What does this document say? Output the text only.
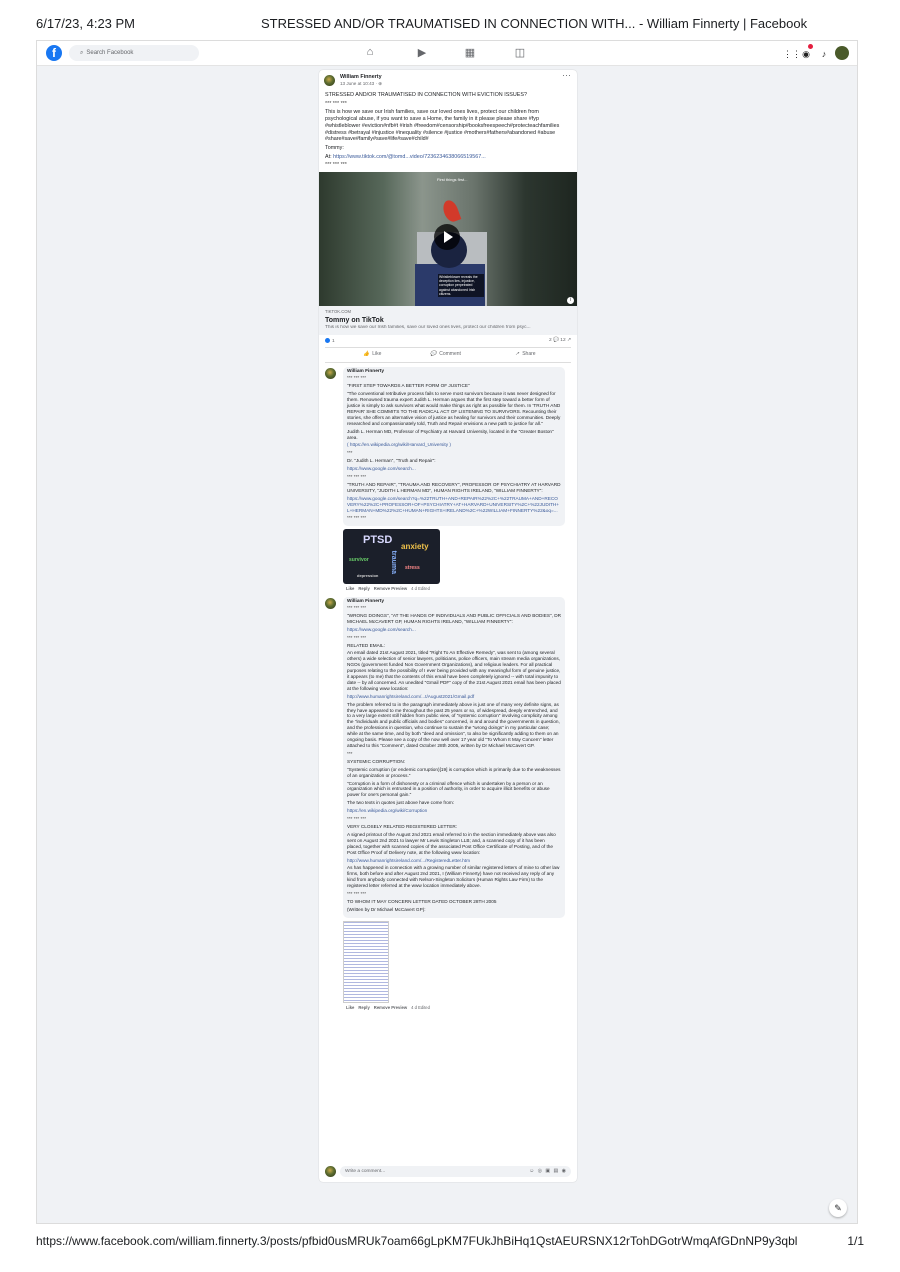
6/17/23, 4:23 PM	STRESSED AND/OR TRAUMATISED IN CONNECTION WITH... - William Finnerty | Facebook
f	⌕ Search Facebook	⌂	▶	▦	◫	⋮⋮◉ ♪
William Finnerty
13 June at 10:43 · ⊕
···

STRESSED AND/OR TRAUMATISED IN CONNECTION WITH EVICTION ISSUES?

*** *** ***

This is how we save our Irish families, save our loved ones lives, protect our children from psychological abuse, if you want to save a Home, the family in it please please share #fyp #whistleblower #eviction#nfb#t #irish #freedom#censorship#booksfreespeech#protecteachfamilies #distress #betrayal #injustice #inequality #silence #justice #mothers#fathers#abandoned #abuse #share#save#family#save#life#save#child#

Tommy:

At: https://www.tiktok.com/@tomd...video/7236234638066519567...

*** *** ***

First things first...
Whistleblower reveals the deception lies, injustice, corruption perpetrated against abandoned Irish citizens.
i
TIKTOK.COM
Tommy on TikTok
This is how we save our Irish families, save our loved ones lives, protect our children from psyc...
1	2 💬 12 ↗
👍 Like	💬 Comment	↗ Share
William Finnerty

*** *** ***

"FIRST STEP TOWARDS A BETTER FORM OF JUSTICE"

"The conventional retributive process fails to serve most survivors because it was never designed for them. Renowned trauma expert Judith L. Herman argues that the first step toward a better form of justice is simply to ask survivors what would make things as right as possible for them. In 'TRUTH AND REPAIR' SHE COMMITS TO THE RADICAL ACT OF LISTENING TO SURVIVORS. Recounting their stories, she offers an alternative vision of justice as healing for survivors and their communities. Deeply researched and compassionately told, Truth and Repair envisions a new path to justice for all."

Judith L. Herman MD, Professor of Psychiatry at Harvard University, located in the "Greater Boston" area.

( https://en.wikipedia.org/wiki/Harvard_University )

***

Dr. "Judith L. Herman", "Truth and Repair":

https://www.google.com/search...

*** *** ***

"TRUTH AND REPAIR", "TRAUMA AND RECOVERY", PROFESSOR OF PSYCHIATRY AT HARVARD UNIVERSITY, "JUDITH L HERMAN MD", HUMAN RIGHTS IRELAND, "WILLIAM FINNERTY":

https://www.google.com/search?q=%22TRUTH+AND+REPAIR%22%2C+%22TRAUMA+AND+RECOVERY%22%2C+PROFESSOR+OF+PSYCHIATRY+AT+HARVARD+UNIVERSITY%2C+%22JUDITH+L+HERMAN+MD%22%2C+HUMAN+RIGHTS+IRELAND%2C+%22WILLIAM+FINNERTY%22&oq=...

*** *** ***

PTSD
anxiety
survivor	trauma stress
depression
Like Reply Remove Preview 4 d Edited
William Finnerty

*** *** ***

"WRONG DOINGS", "AT THE HANDS OF INDIVIDUALS AND PUBLIC OFFICIALS AND BODIES", DR MICHAEL McCAVERT GP, HUMAN RIGHTS IRELAND, "WILLIAM FINNERTY":

https://www.google.com/search...

*** *** ***

RELATED EMAIL:

An email dated 21st August 2021, titled "Right To An Effective Remedy", was sent to (among several others) a wide selection of senior lawyers, politicians, police officers, main stream media organizations, NGOs (government funded Non Government Organizations), and religious leaders. For all practical purposes relating to the possibility of I ever being provided with any meaningful form of genuine justice, it appears (to me) that the contents of this email have been completely ignored -- with total impunity to date -- by all concerned. An unedited "Gmail PDF" copy of the 21st August 2021 email has been placed at the following www location:

http://www.humanrightsireland.com/...t/August2021/Gmail.pdf

The problem referred to in the paragraph immediately above is just one of many very definite signs, as they have appeared to me throughout the past 25 years or so, of widespread, deeply entrenched, and to a very large extent still hidden from public view, of "systemic corruption" involving complicity among the "individuals and public officials and bodies" concerned, in and around the governments in question, and the professions in question, who continue to sustain the "wrong doings" in my particular case; while at the same time, and by both "deed and omission", to also be significantly adding to them on an ongoing basis. Please see a copy of the now well over 17 year old "To Whom It May Concern" letter attached to this "Comment", dated October 28th 2005, written by Dr Michael McCavert GP.

***

SYSTEMIC CORRUPTION:

"Systemic corruption (or endemic corruption)[19] is corruption which is primarily due to the weaknesses of an organization or process."

"Corruption is a form of dishonesty or a criminal offence which is undertaken by a person or an organization which is entrusted in a position of authority, in order to acquire illicit benefits or abuse power for one's personal gain."

The two texts in quotes just above have come from:

https://en.wikipedia.org/wiki/Corruption

*** *** ***

VERY CLOSELY RELATED REGISTERED LETTER:

A signed printout of the August 2nd 2021 email referred to in the section immediately above was also sent on August 2nd 2021 to lawyer Mr Lewis Singleton LLB; and, a scanned copy of it has been placed, together with scanned copies of the associated Post Office Certificate of Posting, and of the Post Office Proof of Delivery note, at the following www location:

http://www.humanrightsireland.com/.../RegisteredLetter.htm

As has happened in connection with a growing number of similar registered letters of mine to other law firms, both before and after August 2nd 2021, I (William Finnerty) have not received any reply of any kind from anybody connected with Nelson-Singleton Solicitors (Human Rights Law Firm) to the registered letter referred at the www location immediately above.

*** *** ***

TO WHOM IT MAY CONCERN LETTER DATED OCTOBER 28TH 2005

(Written by Dr Michael McCavert GP):

Like Reply Remove Preview 4 d Edited
Write a comment...	☺ ◎ ▣ ▤ ◉
✎
https://www.facebook.com/william.finnerty.3/posts/pfbid0usMRUk7oam66gLpKM7FUkJhBiHq1QstAEURSNX12rTohDGotrWmqAfGDnNP9y3qbl	1/1
